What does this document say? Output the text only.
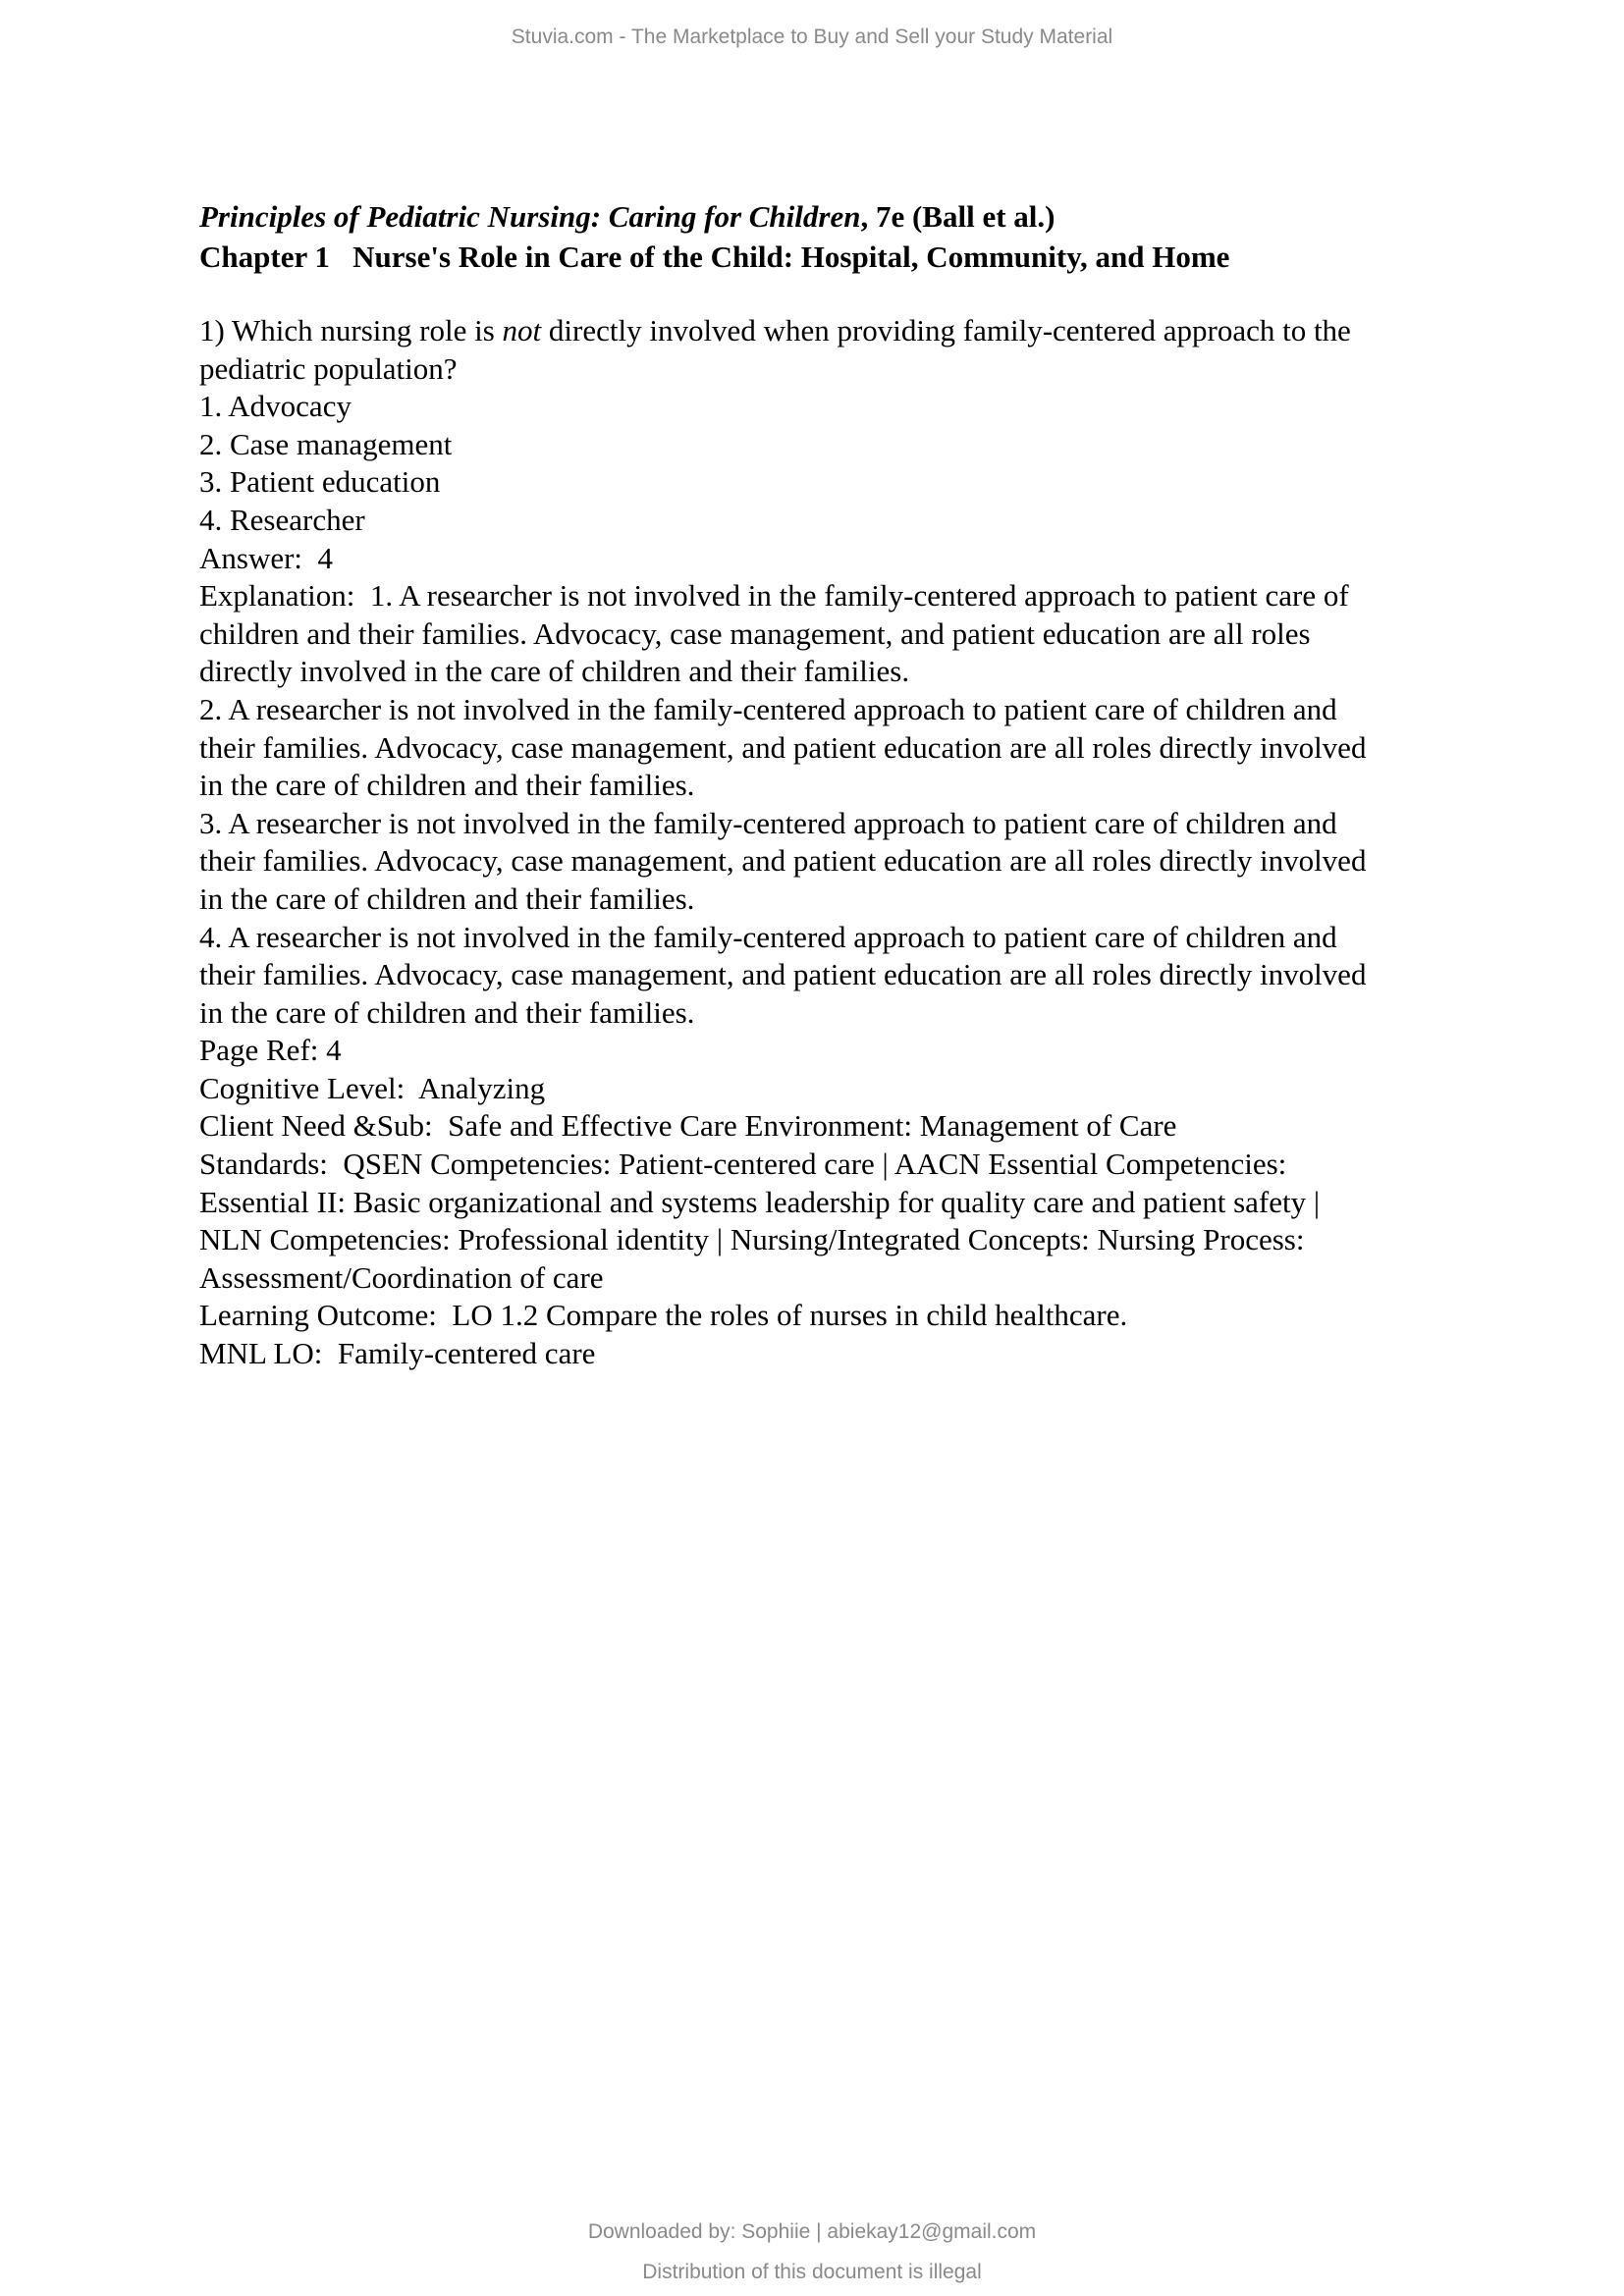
Stuvia.com - The Marketplace to Buy and Sell your Study Material
Principles of Pediatric Nursing: Caring for Children, 7e (Ball et al.)
Chapter 1   Nurse's Role in Care of the Child: Hospital, Community, and Home
1) Which nursing role is not directly involved when providing family-centered approach to the
pediatric population?
1. Advocacy
2. Case management
3. Patient education
4. Researcher
Answer:  4
Explanation:  1. A researcher is not involved in the family-centered approach to patient care of
children and their families. Advocacy, case management, and patient education are all roles
directly involved in the care of children and their families.
2. A researcher is not involved in the family-centered approach to patient care of children and
their families. Advocacy, case management, and patient education are all roles directly involved
in the care of children and their families.
3. A researcher is not involved in the family-centered approach to patient care of children and
their families. Advocacy, case management, and patient education are all roles directly involved
in the care of children and their families.
4. A researcher is not involved in the family-centered approach to patient care of children and
their families. Advocacy, case management, and patient education are all roles directly involved
in the care of children and their families.
Page Ref: 4
Cognitive Level:  Analyzing
Client Need &Sub:  Safe and Effective Care Environment: Management of Care
Standards:  QSEN Competencies: Patient-centered care | AACN Essential Competencies:
Essential II: Basic organizational and systems leadership for quality care and patient safety |
NLN Competencies: Professional identity | Nursing/Integrated Concepts: Nursing Process:
Assessment/Coordination of care
Learning Outcome:  LO 1.2 Compare the roles of nurses in child healthcare.
MNL LO:  Family-centered care
Downloaded by: Sophiie | abiekay12@gmail.com
Distribution of this document is illegal
